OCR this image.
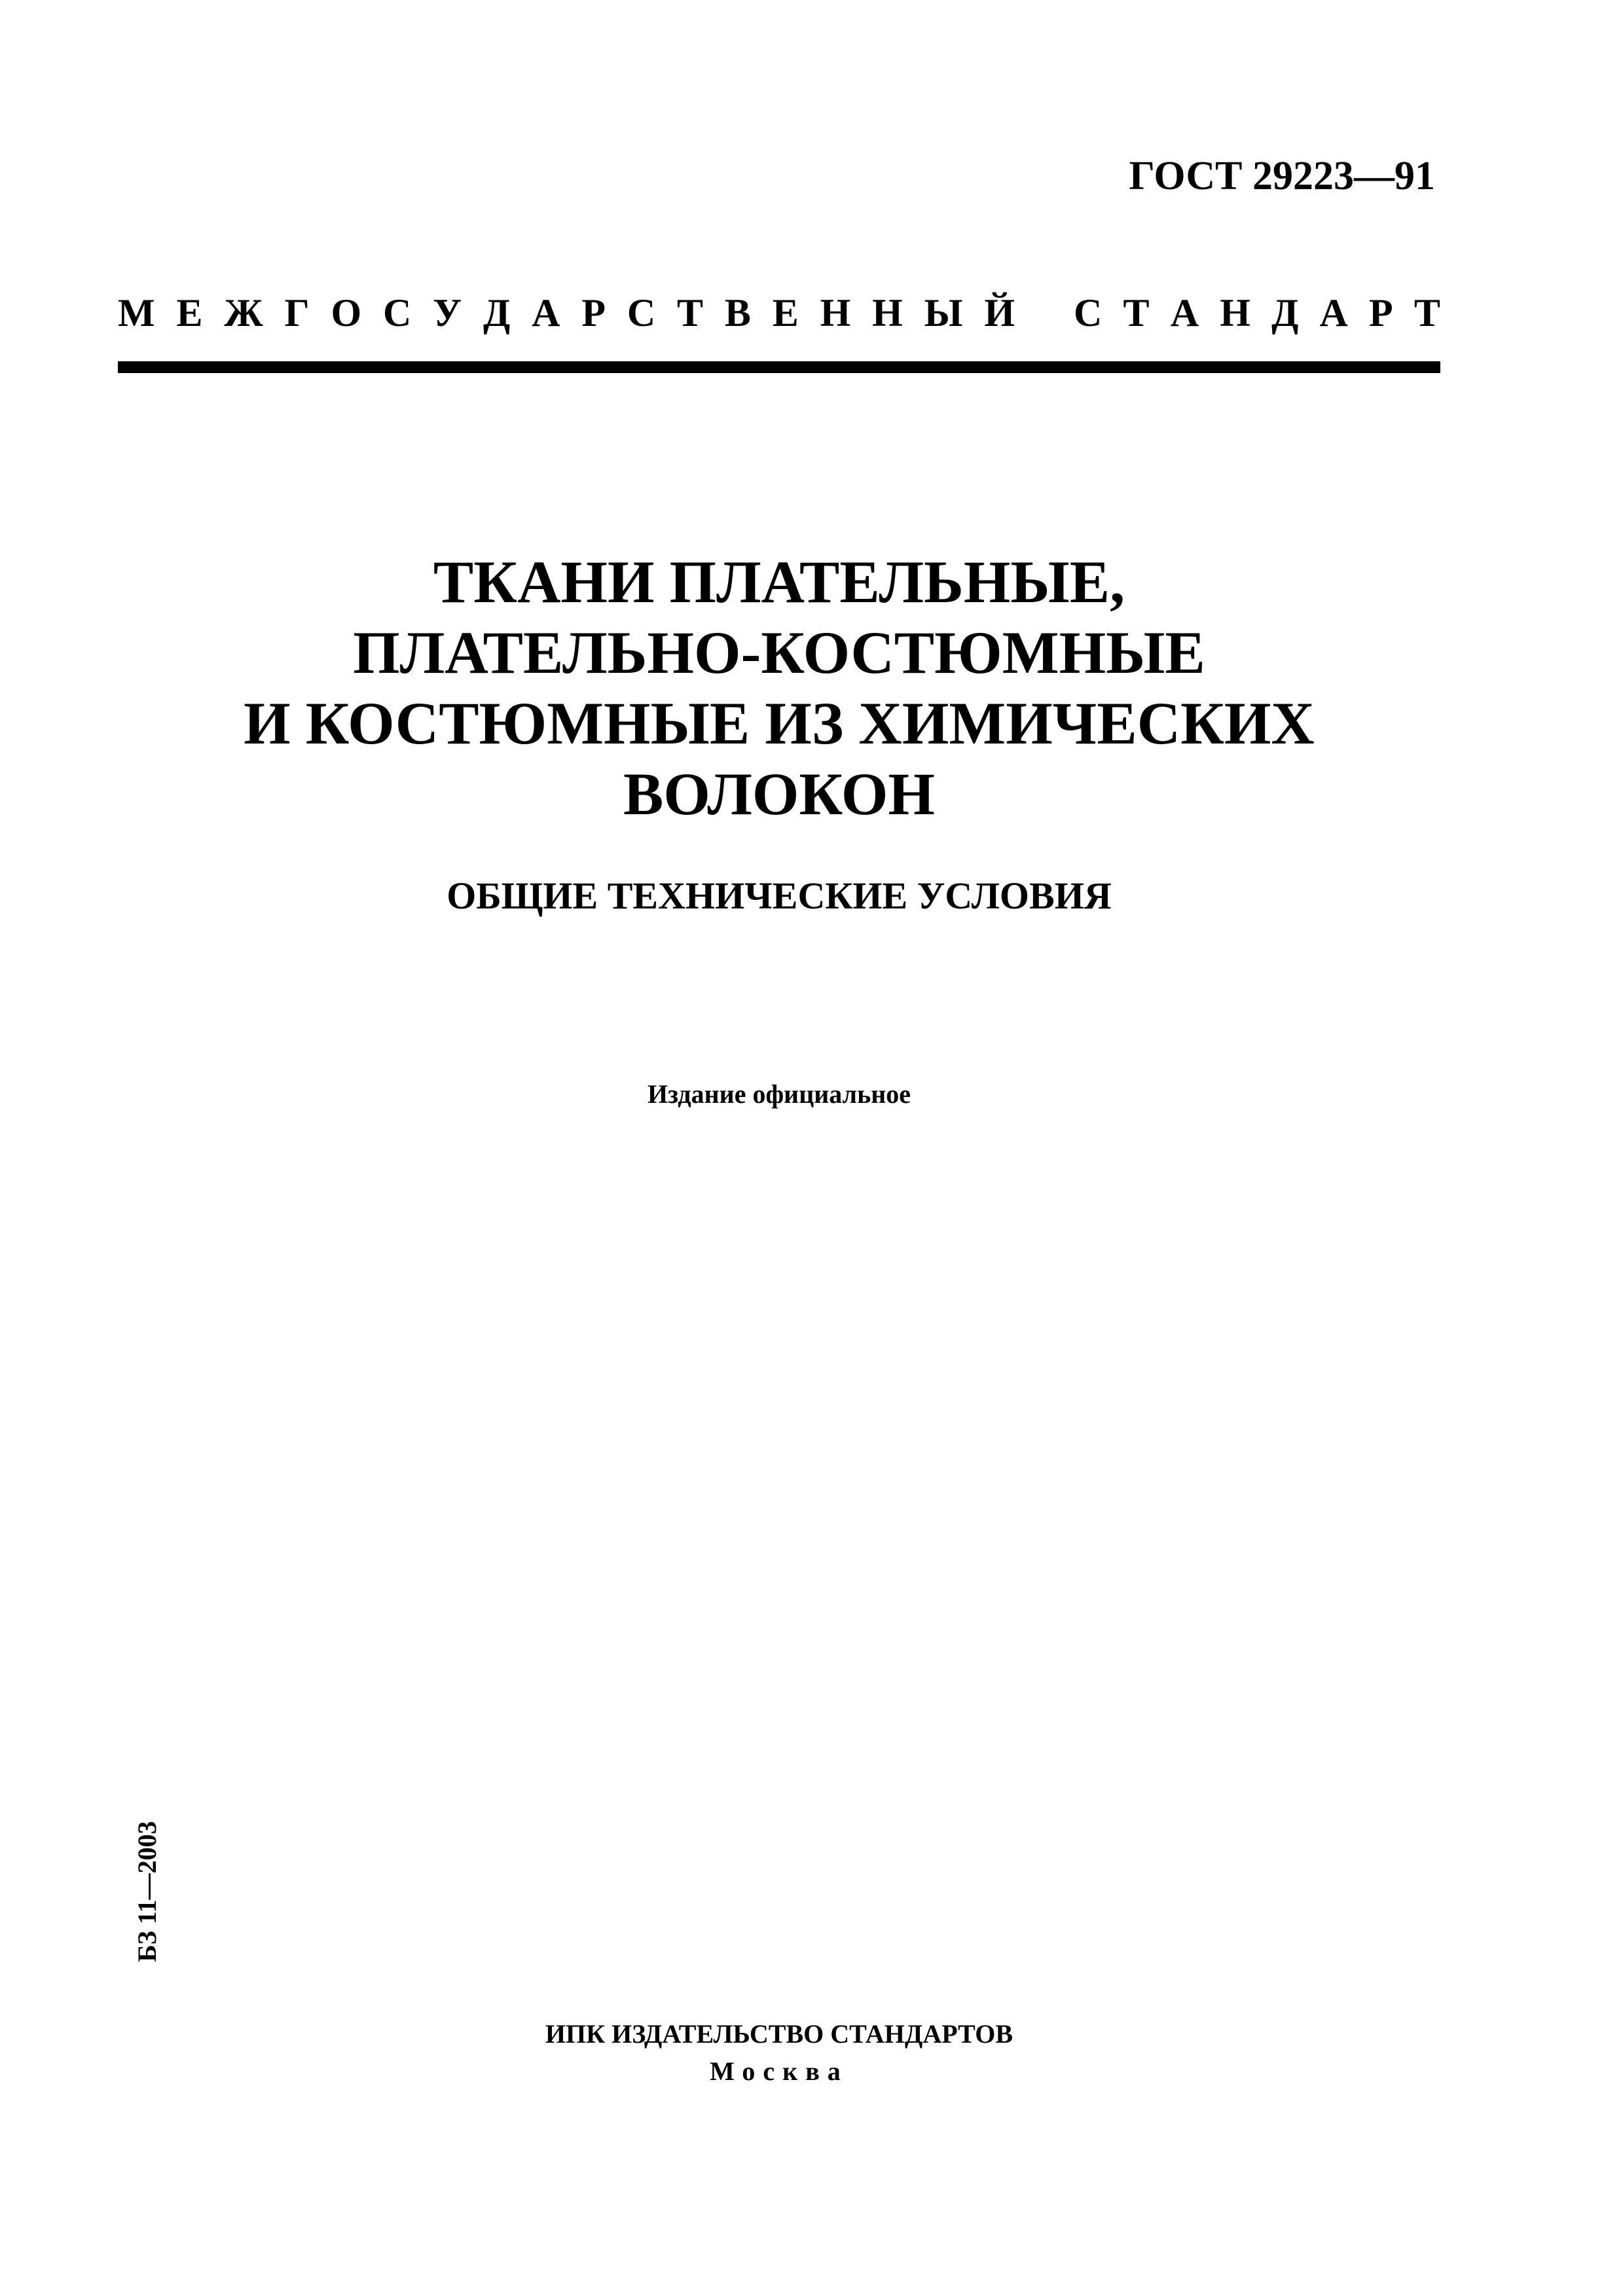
ГОСТ 29223—91
М Е Ж Г О С У Д А Р С Т В Е Н Н Ы Й С Т А Н Д А Р Т
ТКАНИ ПЛАТЕЛЬНЫЕ,
ПЛАТЕЛЬНО-КОСТЮМНЫЕ
И КОСТЮМНЫЕ ИЗ ХИМИЧЕСКИХ
ВОЛОКОН
ОБЩИЕ ТЕХНИЧЕСКИЕ УСЛОВИЯ
Издание официальное
БЗ 11—2003
ИПК ИЗДАТЕЛЬСТВО СТАНДАРТОВ
Москва
